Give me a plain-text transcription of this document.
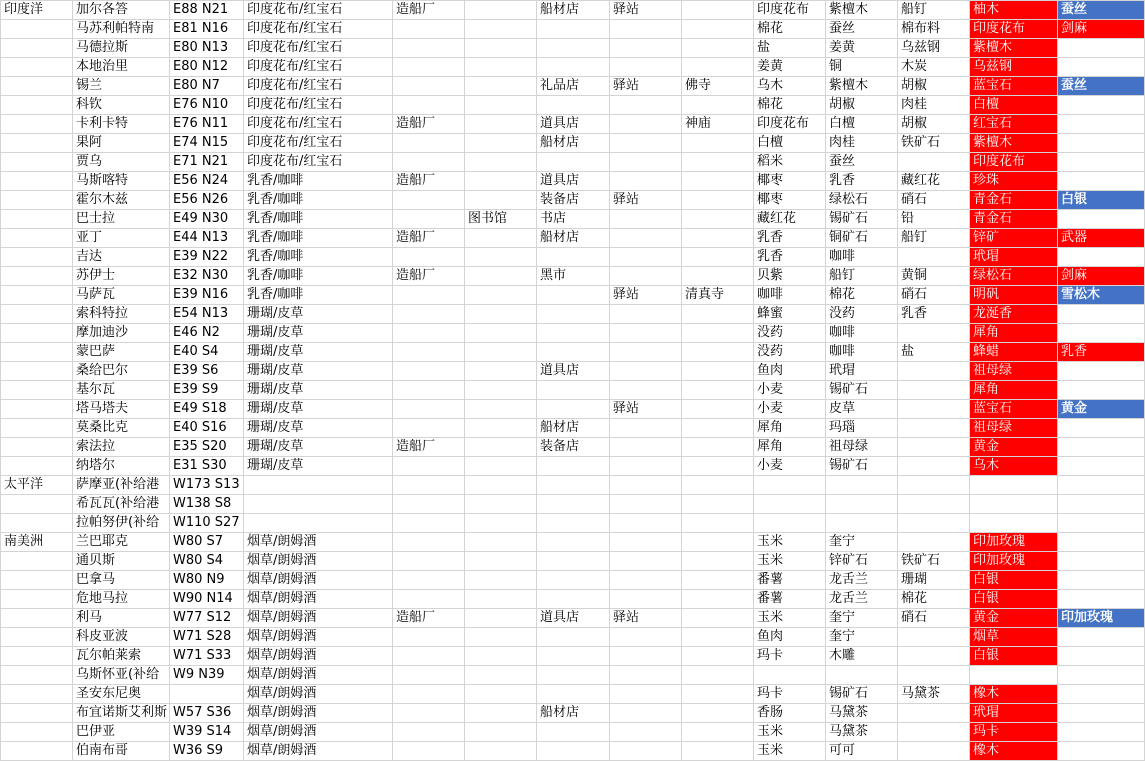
印度洋	加尔各答	E88 N21	印度花布/红宝石	造船厂		船材店	驿站		印度花布	紫檀木	船钉	柚木	蚕丝
	马苏利帕特南	E81 N16	印度花布/红宝石						棉花	蚕丝	棉布料	印度花布	剑麻
	马德拉斯	E80 N13	印度花布/红宝石						盐	姜黄	乌兹钢	紫檀木	
	本地治里	E80 N12	印度花布/红宝石						姜黄	铜	木炭	乌兹钢	
	锡兰	E80 N7	印度花布/红宝石			礼品店	驿站	佛寺	乌木	紫檀木	胡椒	蓝宝石	蚕丝
	科钦	E76 N10	印度花布/红宝石						棉花	胡椒	肉桂	白檀	
	卡利卡特	E76 N11	印度花布/红宝石	造船厂		道具店		神庙	印度花布	白檀	胡椒	红宝石	
	果阿	E74 N15	印度花布/红宝石			船材店			白檀	肉桂	铁矿石	紫檀木	
	贾乌	E71 N21	印度花布/红宝石						稻米	蚕丝		印度花布	
	马斯喀特	E56 N24	乳香/咖啡	造船厂		道具店			椰枣	乳香	藏红花	珍珠	
	霍尔木兹	E56 N26	乳香/咖啡			装备店	驿站		椰枣	绿松石	硝石	青金石	白银
	巴士拉	E49 N30	乳香/咖啡		图书馆	书店			藏红花	锡矿石	铅	青金石	
	亚丁	E44 N13	乳香/咖啡	造船厂		船材店			乳香	铜矿石	船钉	锌矿	武器
	吉达	E39 N22	乳香/咖啡						乳香	咖啡		玳瑁	
	苏伊士	E32 N30	乳香/咖啡	造船厂		黑市			贝紫	船钉	黄铜	绿松石	剑麻
	马萨瓦	E39 N16	乳香/咖啡				驿站	清真寺	咖啡	棉花	硝石	明矾	雪松木
	索科特拉	E54 N13	珊瑚/皮草						蜂蜜	没药	乳香	龙涎香	
	摩加迪沙	E46 N2	珊瑚/皮草						没药	咖啡		犀角	
	蒙巴萨	E40 S4	珊瑚/皮草						没药	咖啡	盐	蜂蜡	乳香
	桑给巴尔	E39 S6	珊瑚/皮草			道具店			鱼肉	玳瑁		祖母绿	
	基尔瓦	E39 S9	珊瑚/皮草						小麦	锡矿石		犀角	
	塔马塔夫	E49 S18	珊瑚/皮草				驿站		小麦	皮草		蓝宝石	黄金
	莫桑比克	E40 S16	珊瑚/皮草			船材店			犀角	玛瑙		祖母绿	
	索法拉	E35 S20	珊瑚/皮草	造船厂		装备店			犀角	祖母绿		黄金	
	纳塔尔	E31 S30	珊瑚/皮草						小麦	锡矿石		乌木	
太平洋	萨摩亚(补给港	W173 S13											
	希瓦瓦(补给港	W138 S8											
	拉帕努伊(补给	W110 S27											
南美洲	兰巴耶克	W80 S7	烟草/朗姆酒						玉米	奎宁		印加玫瑰	
	通贝斯	W80 S4	烟草/朗姆酒						玉米	锌矿石	铁矿石	印加玫瑰	
	巴拿马	W80 N9	烟草/朗姆酒						番薯	龙舌兰	珊瑚	白银	
	危地马拉	W90 N14	烟草/朗姆酒						番薯	龙舌兰	棉花	白银	
	利马	W77 S12	烟草/朗姆酒	造船厂		道具店	驿站		玉米	奎宁	硝石	黄金	印加玫瑰
	科皮亚波	W71 S28	烟草/朗姆酒						鱼肉	奎宁		烟草	
	瓦尔帕莱索	W71 S33	烟草/朗姆酒						玛卡	木雕		白银	
	乌斯怀亚(补给	W9 N39	烟草/朗姆酒										
	圣安东尼奥		烟草/朗姆酒						玛卡	锡矿石	马黛茶	橡木	
	布宜诺斯艾利斯	W57 S36	烟草/朗姆酒			船材店			香肠	马黛茶		玳瑁	
	巴伊亚	W39 S14	烟草/朗姆酒						玉米	马黛茶		玛卡	
	伯南布哥	W36 S9	烟草/朗姆酒						玉米	可可		橡木	
